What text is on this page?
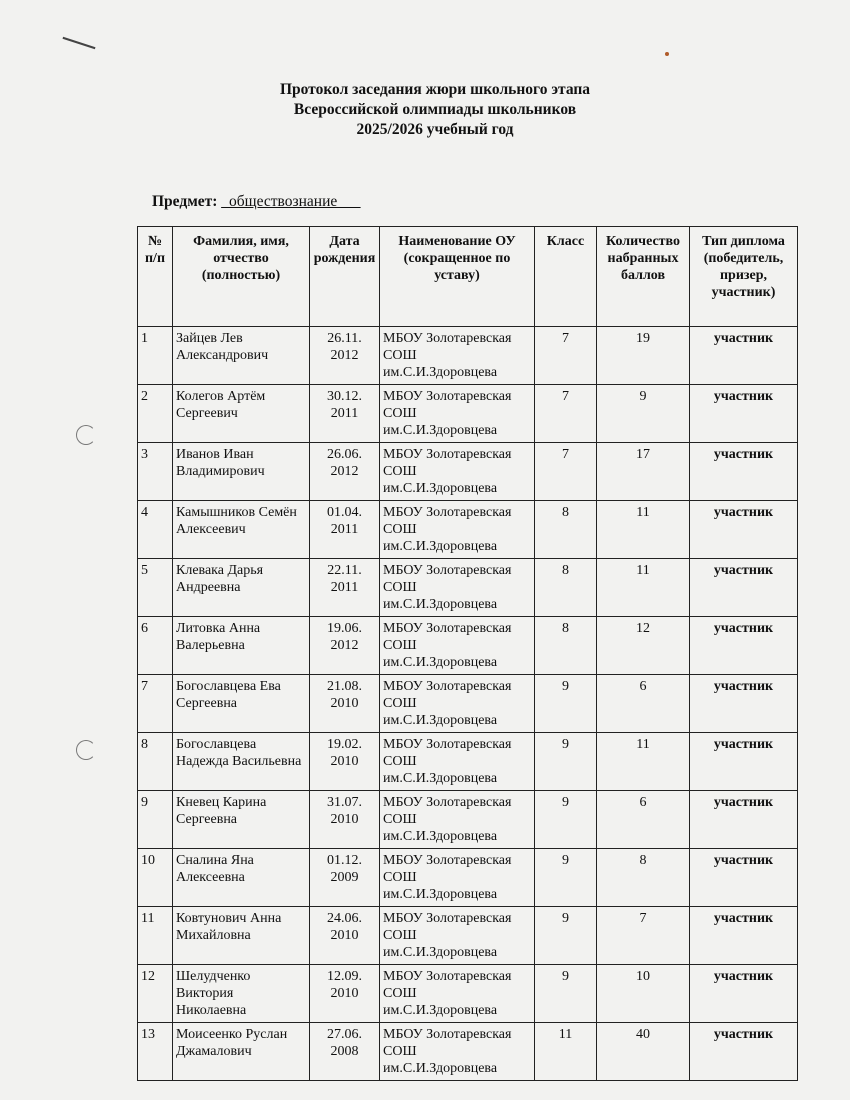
Протокол заседания жюри школьного этапа
Всероссийской олимпиады школьников
2025/2026 учебный год
Предмет: _обществознание___
№ п/п	Фамилия, имя, отчество (полностью)	Дата рождения	Наименование ОУ (сокращенное по уставу)	Класс	Количество набранных баллов	Тип диплома (победитель, призер, участник)
1	Зайцев Лев Александрович	26.11. 2012	МБОУ Золотаревская СОШ им.С.И.Здоровцева	7	19	участник
2	Колегов Артём Сергеевич	30.12. 2011	МБОУ Золотаревская СОШ им.С.И.Здоровцева	7	9	участник
3	Иванов Иван Владимирович	26.06. 2012	МБОУ Золотаревская СОШ им.С.И.Здоровцева	7	17	участник
4	Камышников Семён Алексеевич	01.04. 2011	МБОУ Золотаревская СОШ им.С.И.Здоровцева	8	11	участник
5	Клевака Дарья Андреевна	22.11. 2011	МБОУ Золотаревская СОШ им.С.И.Здоровцева	8	11	участник
6	Литовка Анна Валерьевна	19.06. 2012	МБОУ Золотаревская СОШ им.С.И.Здоровцева	8	12	участник
7	Богославцева Ева Сергеевна	21.08. 2010	МБОУ Золотаревская СОШ им.С.И.Здоровцева	9	6	участник
8	Богославцева Надежда Васильевна	19.02. 2010	МБОУ Золотаревская СОШ им.С.И.Здоровцева	9	11	участник
9	Кневец Карина Сергеевна	31.07. 2010	МБОУ Золотаревская СОШ им.С.И.Здоровцева	9	6	участник
10	Сналина Яна Алексеевна	01.12. 2009	МБОУ Золотаревская СОШ им.С.И.Здоровцева	9	8	участник
11	Ковтунович Анна Михайловна	24.06. 2010	МБОУ Золотаревская СОШ им.С.И.Здоровцева	9	7	участник
12	Шелудченко Виктория Николаевна	12.09. 2010	МБОУ Золотаревская СОШ им.С.И.Здоровцева	9	10	участник
13	Моисеенко Руслан Джамалович	27.06. 2008	МБОУ Золотаревская СОШ им.С.И.Здоровцева	11	40	участник
